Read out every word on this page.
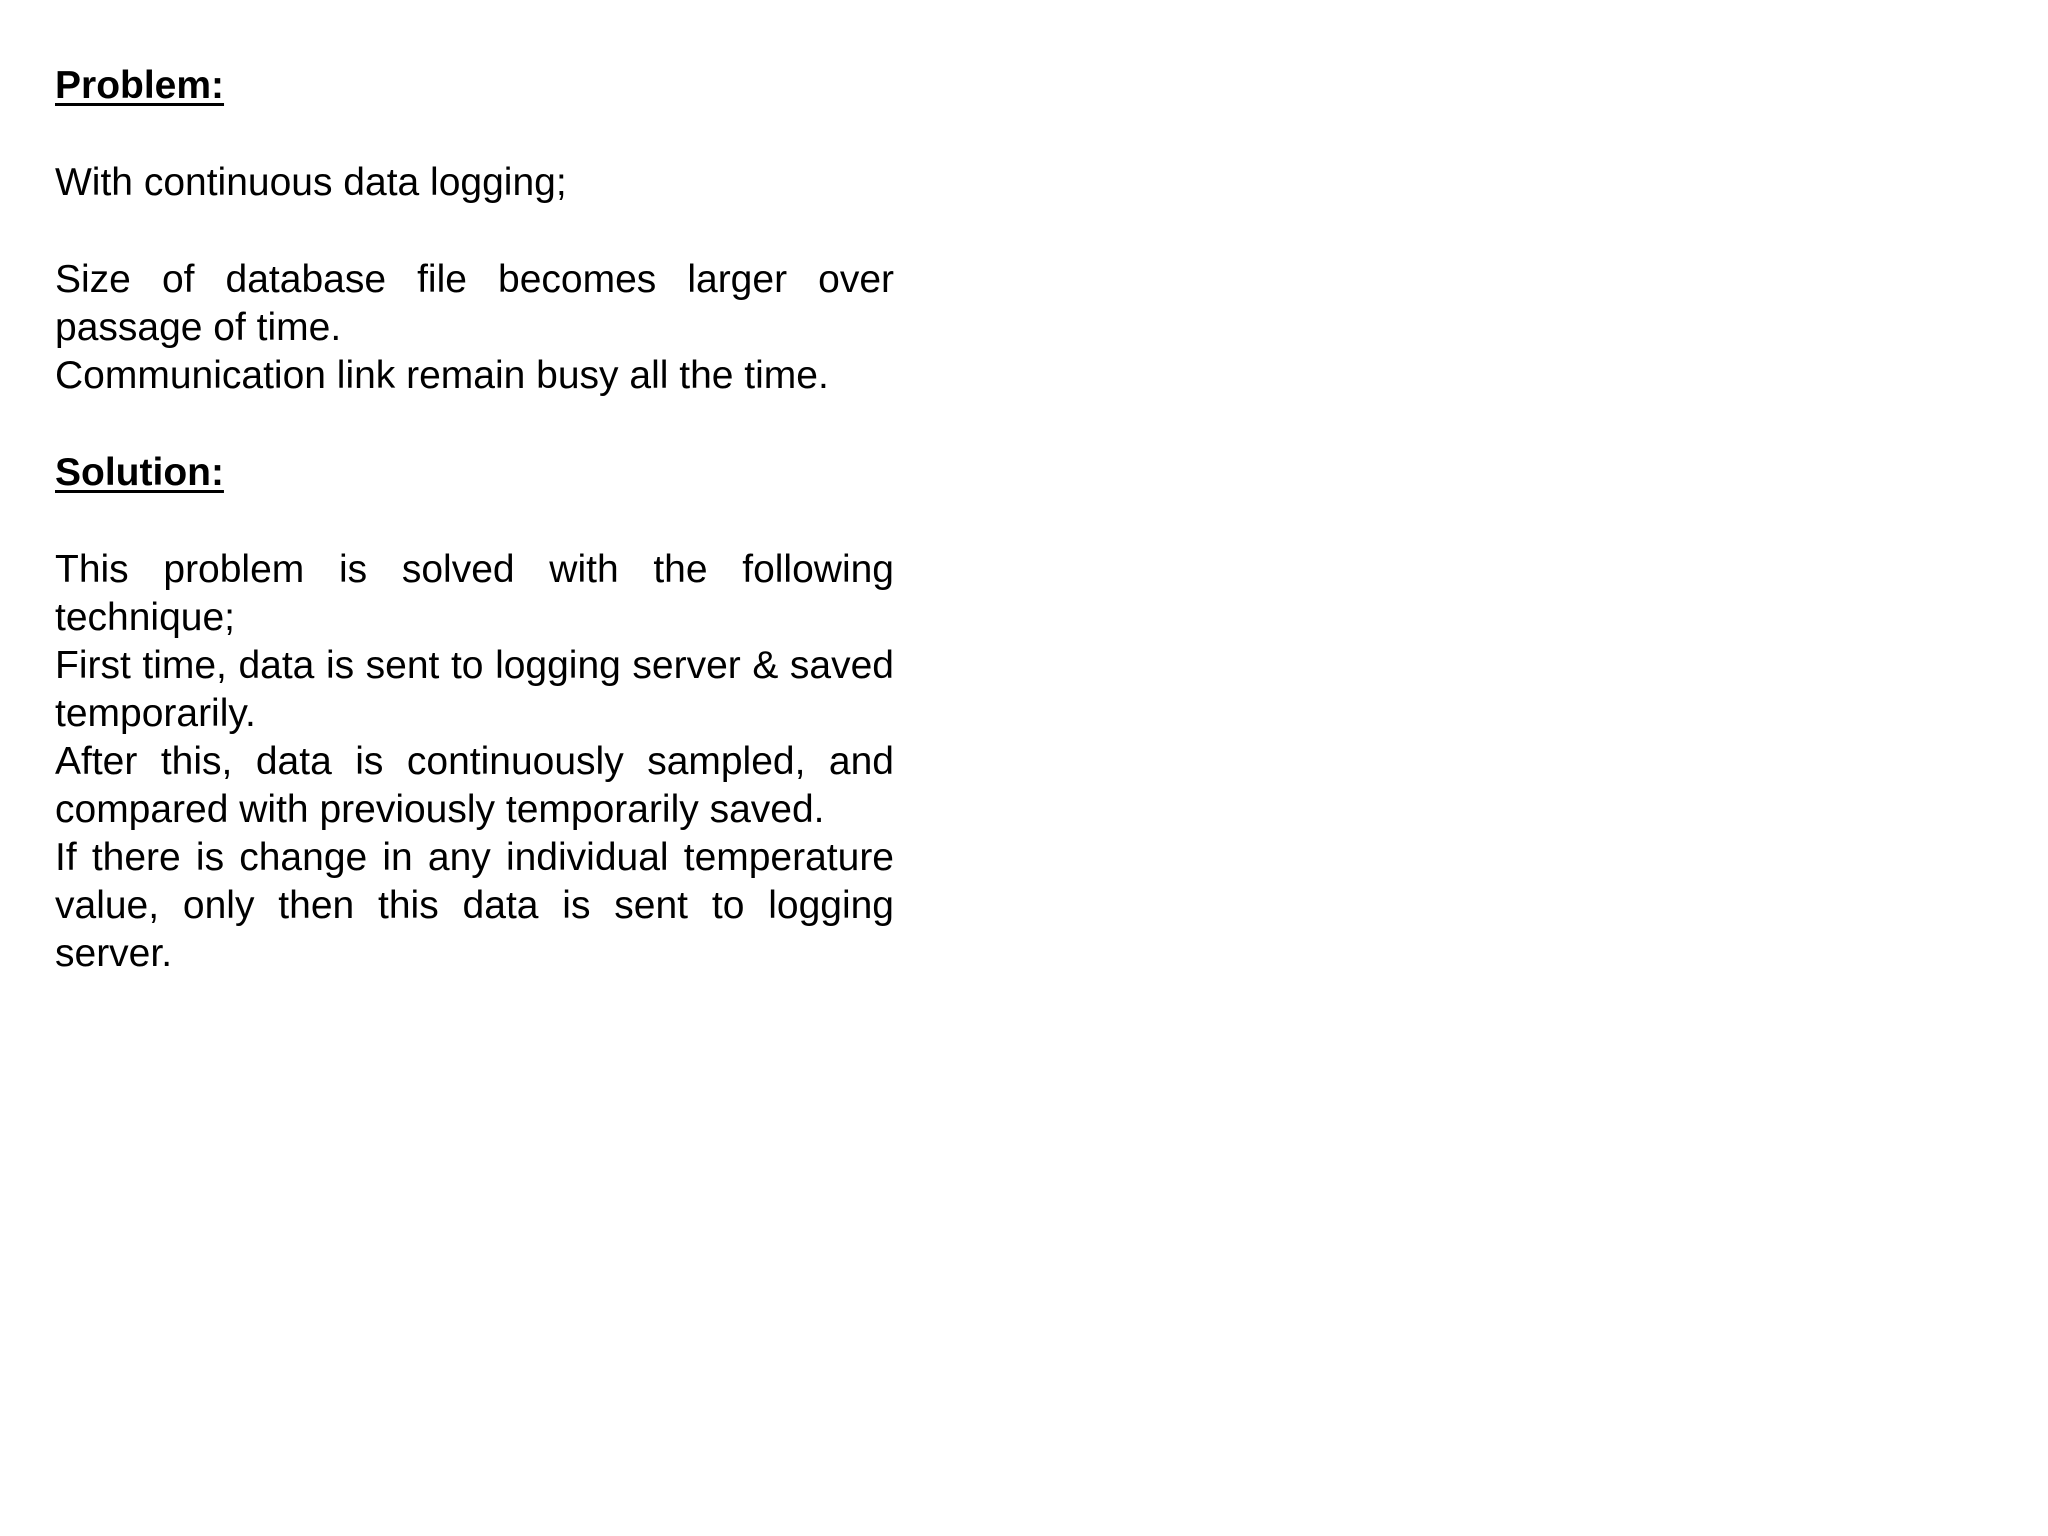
Problem:

With continuous data logging;

Size of database file becomes larger over passage of time.

Communication link remain busy all the time.

Solution:

This problem is solved with the following technique;

First time, data is sent to logging server & saved temporarily.

After this, data is continuously sampled, and compared with previously temporarily saved.

If there is change in any individual temperature value, only then this data is sent to logging server.
